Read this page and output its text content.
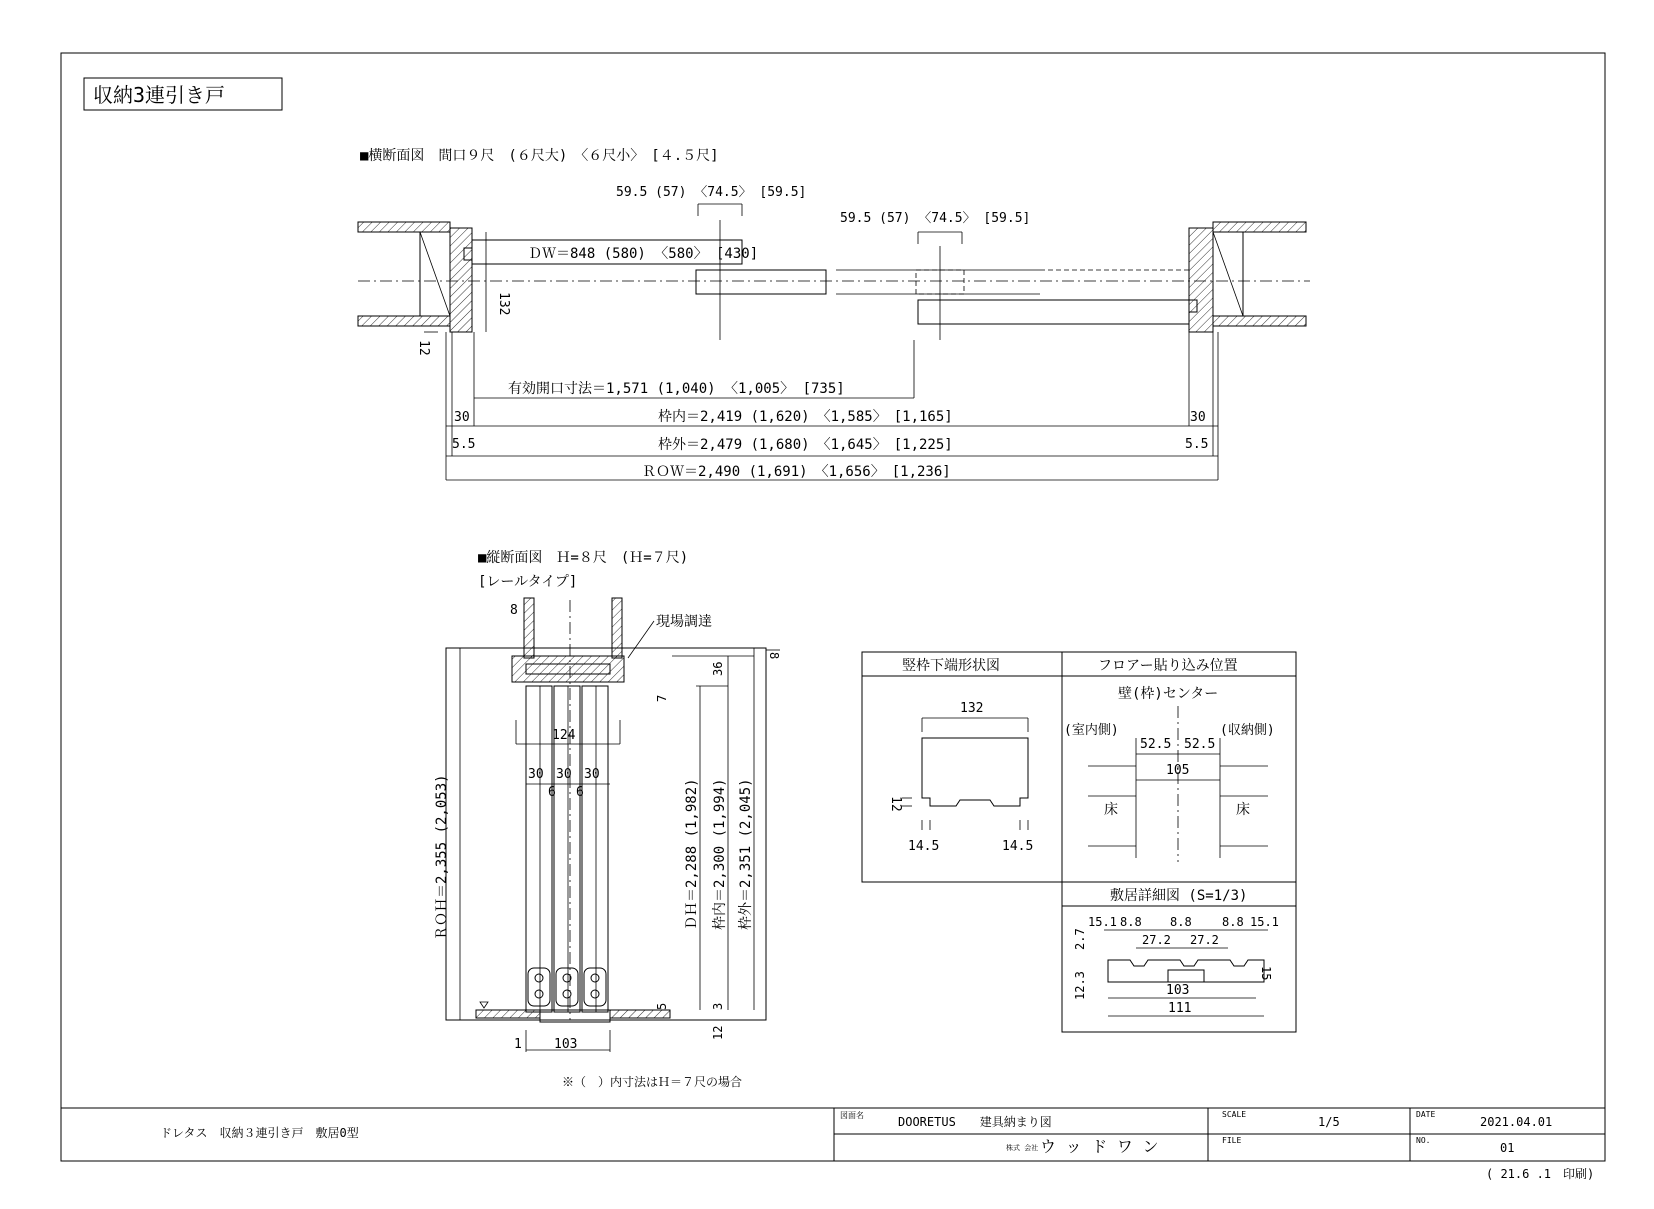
収納3連引き戸
■横断面図　間口９尺　(６尺大)　〈６尺小〉　[４.５尺]
59.5 (57) 〈74.5〉 [59.5]
59.5 (57) 〈74.5〉 [59.5]
ＤＷ＝848 (580) 〈580〉 [430]
132
12
有効開口寸法＝1,571 (1,040) 〈1,005〉 [735]
30	枠内＝2,419 (1,620)　〈1,585〉　[1,165]	30
5.5	枠外＝2,479 (1,680)　〈1,645〉　[1,225]	5.5
ＲＯＷ＝2,490 (1,691)　〈1,656〉　[1,236]
■縦断面図　Ｈ=８尺　(Ｈ=７尺)
[レールタイプ]
8
現場調達
8
124
30 30 30
6 6
ＲＯＨ＝2,355 (2,053)	ＤＨ＝2,288 (1,982) 枠内＝2,300 (1,994) 枠外＝2,351 (2,045)
36
7
5	3
12
1 103
※（　）内寸法はＨ＝７尺の場合
竪枠下端形状図
132
12
14.5	14.5
フロアー貼り込み位置
壁(枠)センター
(室内側)	(収納側)
52.5 52.5
105
床	床
敷居詳細図 (S=1/3)
15.1 8.8 8.8	8.8 15.1
27.2 27.2
2.7
12.3	15
103
111
ドレタス　収納３連引き戸　敷居0型
図面名	DOORETUS　　建具納まり図
株式 会社 ウ ッ ド ワ ン
SCALE
1/5
FILE
DATE
2021.04.01
NO.
01
( 21.6 .1　印刷)
